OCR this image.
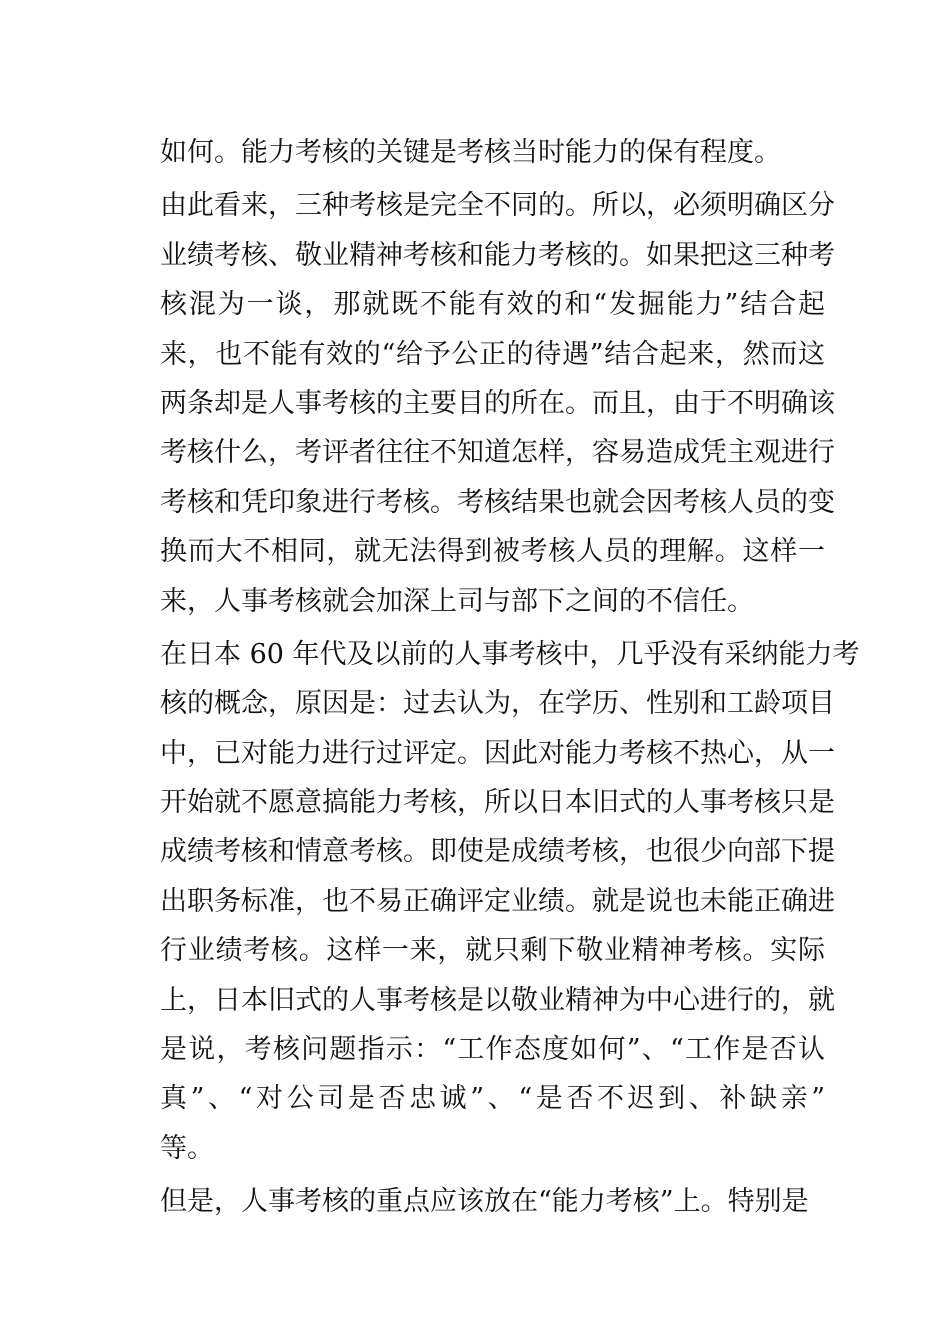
如何。能力考核的关键是考核当时能力的保有程度。
由此看来，三种考核是完全不同的。所以，必须明确区分
业绩考核、敬业精神考核和能力考核的。如果把这三种考
核混为一谈，那就既不能有效的和“发掘能力”结合起
来，也不能有效的“给予公正的待遇”结合起来，然而这
两条却是人事考核的主要目的所在。而且，由于不明确该
考核什么，考评者往往不知道怎样，容易造成凭主观进行
考核和凭印象进行考核。考核结果也就会因考核人员的变
换而大不相同，就无法得到被考核人员的理解。这样一
来，人事考核就会加深上司与部下之间的不信任。
在日本 60 年代及以前的人事考核中，几乎没有采纳能力考
核的概念，原因是：过去认为，在学历、性别和工龄项目
中，已对能力进行过评定。因此对能力考核不热心，从一
开始就不愿意搞能力考核，所以日本旧式的人事考核只是
成绩考核和情意考核。即使是成绩考核，也很少向部下提
出职务标准，也不易正确评定业绩。就是说也未能正确进
行业绩考核。这样一来，就只剩下敬业精神考核。实际
上，日本旧式的人事考核是以敬业精神为中心进行的，就
是说，考核问题指示：“工作态度如何”、“工作是否认
真”、“对公司是否忠诚”、“是否不迟到、补缺亲”
等。
但是，人事考核的重点应该放在“能力考核”上。特别是
